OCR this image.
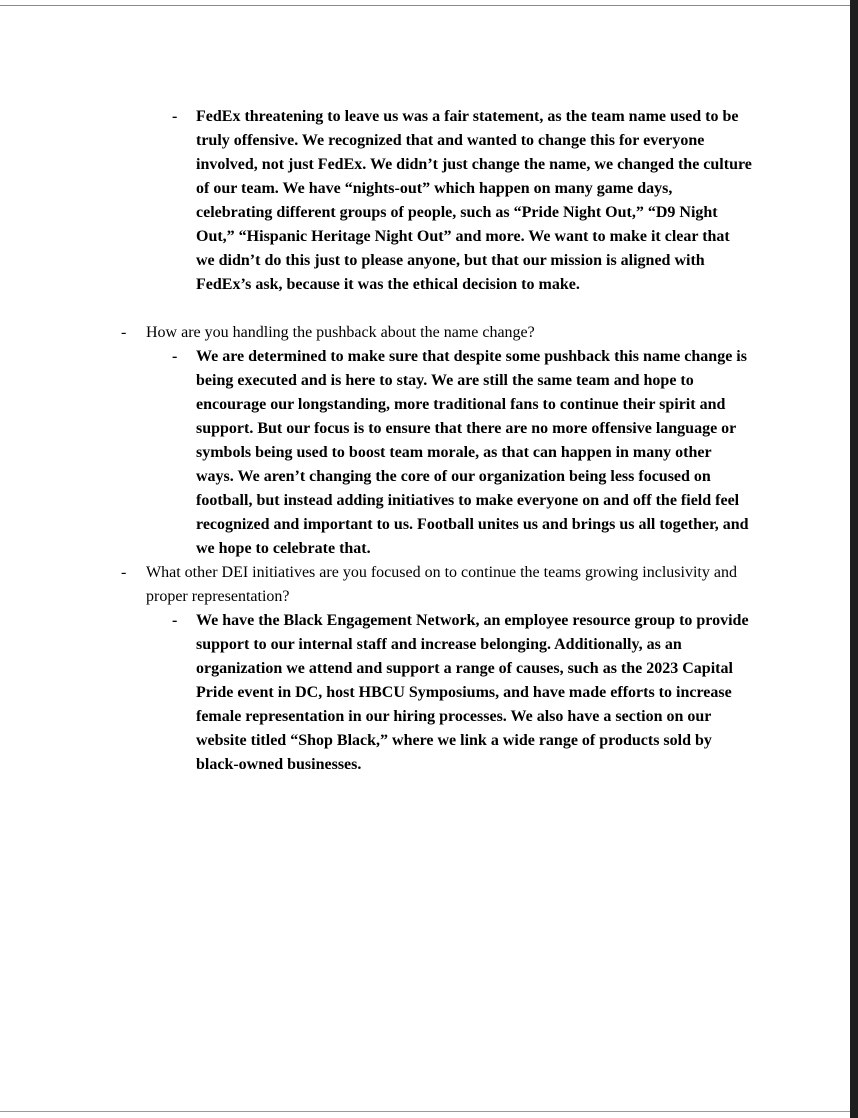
-	FedEx threatening to leave us was a fair statement, as the team name used to be truly offensive. We recognized that and wanted to change this for everyone involved, not just FedEx. We didn’t just change the name, we changed the culture of our team. We have “nights-out” which happen on many game days, celebrating different groups of people, such as “Pride Night Out,” “D9 Night Out,” “Hispanic Heritage Night Out” and more. We want to make it clear that we didn’t do this just to please anyone, but that our mission is aligned with FedEx’s ask, because it was the ethical decision to make.
-	How are you handling the pushback about the name change?
-	We are determined to make sure that despite some pushback this name change is being executed and is here to stay. We are still the same team and hope to encourage our longstanding, more traditional fans to continue their spirit and support. But our focus is to ensure that there are no more offensive language or symbols being used to boost team morale, as that can happen in many other ways. We aren’t changing the core of our organization being less focused on football, but instead adding initiatives to make everyone on and off the field feel recognized and important to us. Football unites us and brings us all together, and we hope to celebrate that.
-	What other DEI initiatives are you focused on to continue the teams growing inclusivity and proper representation?
-	We have the Black Engagement Network, an employee resource group to provide support to our internal staff and increase belonging. Additionally, as an organization we attend and support a range of causes, such as the 2023 Capital Pride event in DC, host HBCU Symposiums, and have made efforts to increase female representation in our hiring processes. We also have a section on our website titled “Shop Black,” where we link a wide range of products sold by black-owned businesses.
